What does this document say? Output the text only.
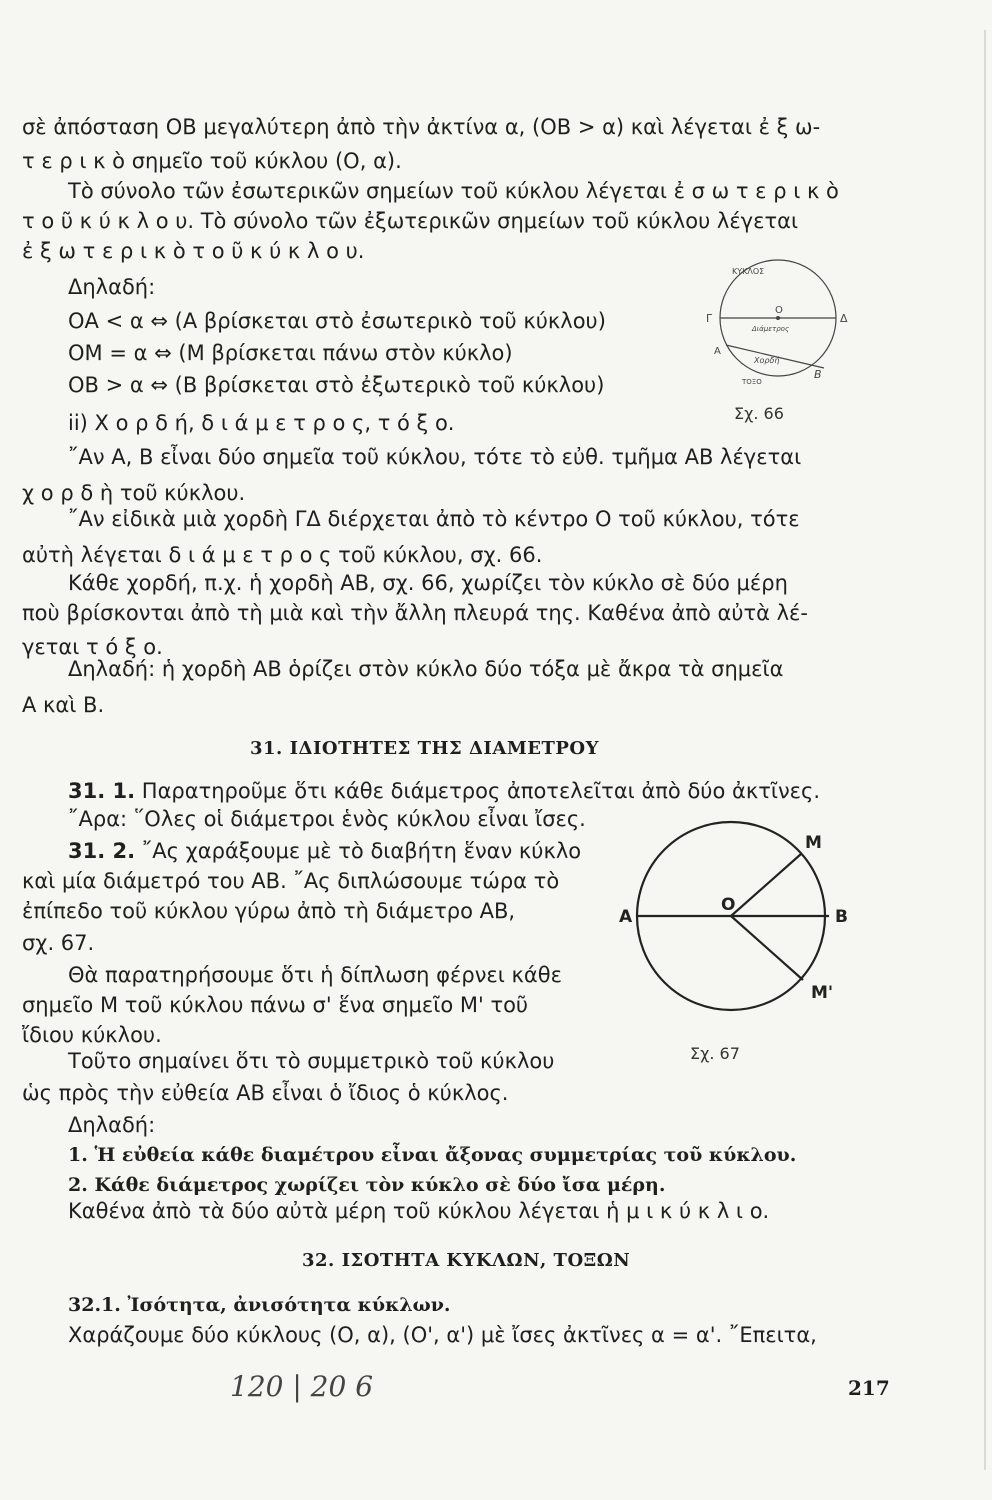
σὲ ἀπόσταση ΟΒ μεγαλύτερη ἀπὸ τὴν ἀκτίνα α, (ΟΒ > α) καὶ λέγεται ἐ ξ ω-
τ ε ρ ι κ ὸ σημεῖο τοῦ κύκλου (Ο, α).
Τὸ σύνολο τῶν ἐσωτερικῶν σημείων τοῦ κύκλου λέγεται ἐ σ ω τ ε ρ ι κ ὸ
τ ο ῦ κ ύ κ λ ο υ. Τὸ σύνολο τῶν ἐξωτερικῶν σημείων τοῦ κύκλου λέγεται
ἐ ξ ω τ ε ρ ι κ ὸ τ ο ῦ κ ύ κ λ ο υ.
Δηλαδή:
ΟΑ < α ⇔ (Α βρίσκεται στὸ ἐσωτερικὸ τοῦ κύκλου)
ΟΜ = α ⇔ (Μ βρίσκεται πάνω στὸν κύκλο)
ΟΒ > α ⇔ (Β βρίσκεται στὸ ἐξωτερικὸ τοῦ κύκλου)
ii) Χ ο ρ δ ή, δ ι ά μ ε τ ρ ο ς, τ ό ξ ο.
῎Αν Α, Β εἶναι δύο σημεῖα τοῦ κύκλου, τότε τὸ εὐθ. τμῆμα ΑΒ λέγεται
χ ο ρ δ ὴ τοῦ κύκλου.
῎Αν εἰδικὰ μιὰ χορδὴ ΓΔ διέρχεται ἀπὸ τὸ κέντρο Ο τοῦ κύκλου, τότε
αὐτὴ λέγεται δ ι ά μ ε τ ρ ο ς τοῦ κύκλου, σχ. 66.
Κάθε χορδή, π.χ. ἡ χορδὴ ΑΒ, σχ. 66, χωρίζει τὸν κύκλο σὲ δύο μέρη
ποὺ βρίσκονται ἀπὸ τὴ μιὰ καὶ τὴν ἄλλη πλευρά της. Καθένα ἀπὸ αὐτὰ λέ-
γεται τ ό ξ ο.
Δηλαδή: ἡ χορδὴ ΑΒ ὁρίζει στὸν κύκλο δύο τόξα μὲ ἄκρα τὰ σημεῖα
Α καὶ Β.
31. ΙΔΙΟΤΗΤΕΣ ΤΗΣ ΔΙΑΜΕΤΡΟΥ
31. 1. Παρατηροῦμε ὅτι κάθε διάμετρος ἀποτελεῖται ἀπὸ δύο ἀκτῖνες.
῎Αρα: ῞Ολες οἱ διάμετροι ἑνὸς κύκλου εἶναι ἴσες.
31. 2. ῎Ας χαράξουμε μὲ τὸ διαβήτη ἕναν κύκλο
καὶ μία διάμετρό του ΑΒ. ῎Ας διπλώσουμε τώρα τὸ
ἐπίπεδο τοῦ κύκλου γύρω ἀπὸ τὴ διάμετρο ΑΒ,
σχ. 67.
Θὰ παρατηρήσουμε ὅτι ἡ δίπλωση φέρνει κάθε
σημεῖο Μ τοῦ κύκλου πάνω σ' ἕνα σημεῖο Μ' τοῦ
ἴδιου κύκλου.
Τοῦτο σημαίνει ὅτι τὸ συμμετρικὸ τοῦ κύκλου
ὡς πρὸς τὴν εὐθεία ΑΒ εἶναι ὁ ἴδιος ὁ κύκλος.
Δηλαδή:
1. Ἡ εὐθεία κάθε διαμέτρου εἶναι ἄξονας συμμετρίας τοῦ κύκλου.
2. Κάθε διάμετρος χωρίζει τὸν κύκλο σὲ δύο ἴσα μέρη.
Καθένα ἀπὸ τὰ δύο αὐτὰ μέρη τοῦ κύκλου λέγεται ἡ μ ι κ ύ κ λ ι ο.
32. ΙΣΟΤΗΤΑ ΚΥΚΛΩΝ, ΤΟΞΩΝ
32.1. Ἰσότητα, ἀνισότητα κύκλων.
Χαράζουμε δύο κύκλους (Ο, α), (Ο', α') μὲ ἴσες ἀκτῖνες α = α'. ῎Επειτα,
ΚΥΚΛΟΣ
Γ	Δ
Ο
Διάμετρος
Α
Β
Χορδή
ΤΟΞΟ
Σχ. 66
Α
Ο
Β
Μ
Μ'
Σχ. 67
120 | 20 6	217
